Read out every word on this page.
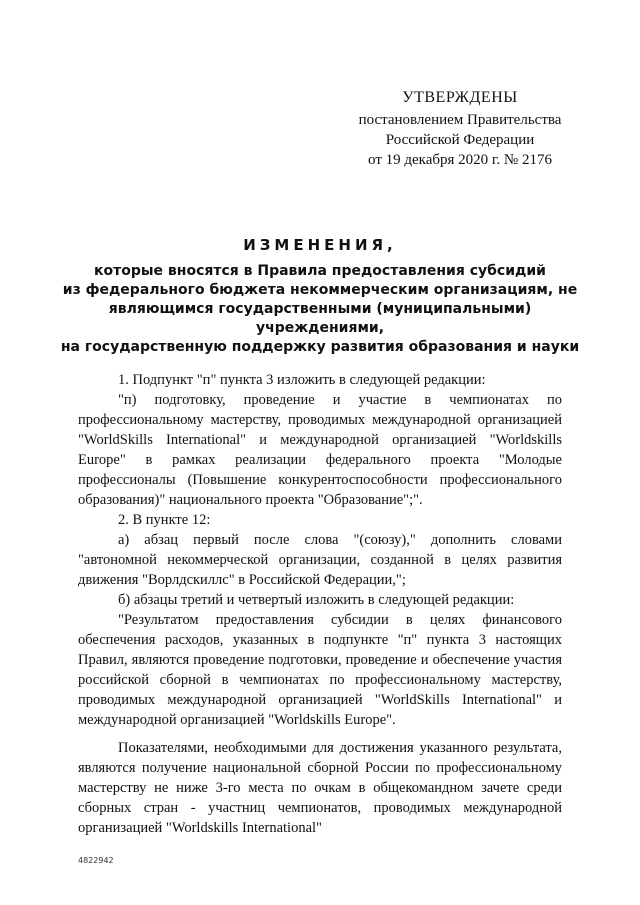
УТВЕРЖДЕНЫ
постановлением Правительства
Российской Федерации
от 19 декабря 2020 г. № 2176
ИЗМЕНЕНИЯ,
которые вносятся в Правила предоставления субсидий
из федерального бюджета некоммерческим организациям, не
являющимся государственными (муниципальными) учреждениями,
на государственную поддержку развития образования и науки

1. Подпункт "п" пункта 3 изложить в следующей редакции:

"п) подготовку, проведение и участие в чемпионатах по профессиональному мастерству, проводимых международной организацией "WorldSkills International" и международной организацией "Worldskills Europe" в рамках реализации федерального проекта "Молодые профессионалы (Повышение конкурентоспособности профессионального образования)" национального проекта "Образование";".

2. В пункте 12:

а) абзац первый после слова "(союзу)," дополнить словами "автономной некоммерческой организации, созданной в целях развития движения "Ворлдскиллс" в Российской Федерации,";

б) абзацы третий и четвертый изложить в следующей редакции:

"Результатом предоставления субсидии в целях финансового обеспечения расходов, указанных в подпункте "п" пункта 3 настоящих Правил, являются проведение подготовки, проведение и обеспечение участия российской сборной в чемпионатах по профессиональному мастерству, проводимых международной организацией "WorldSkills International" и международной организацией "Worldskills Europe".

Показателями, необходимыми для достижения указанного результата, являются получение национальной сборной России по профессиональному мастерству не ниже 3-го места по очкам в общекомандном зачете среди сборных стран - участниц чемпионатов, проводимых международной организацией "Worldskills International"

4822942
